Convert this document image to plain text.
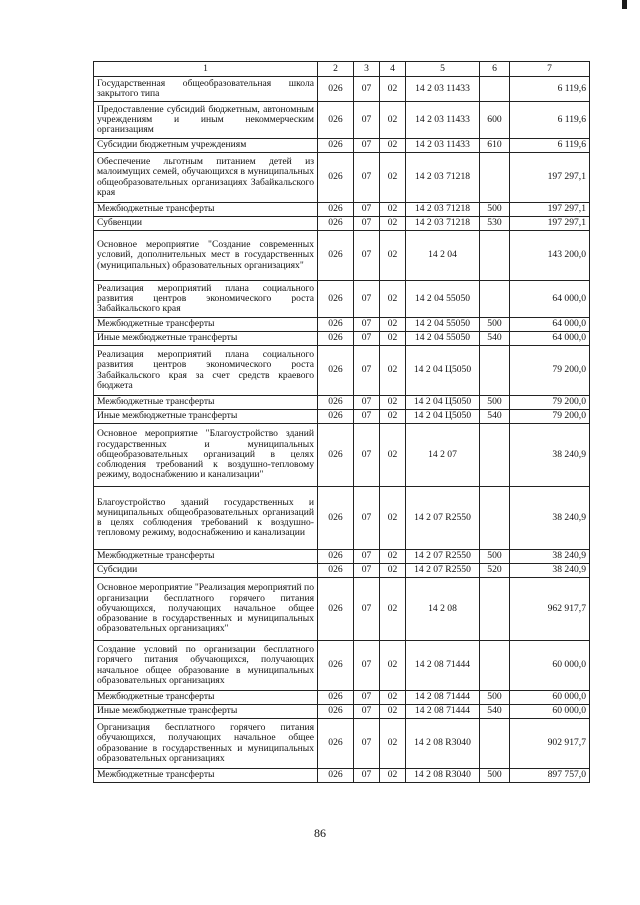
1	2	3	4	5	6	7
Государственная общеобразовательная школа закрытого типа	026	07	02	14 2 03 11433		6 119,6
Предоставление субсидий бюджетным, автономным учреждениям и иным некоммерческим организациям	026	07	02	14 2 03 11433	600	6 119,6
Субсидии бюджетным учреждениям	026	07	02	14 2 03 11433	610	6 119,6
Обеспечение льготным питанием детей из малоимущих семей, обучающихся в муниципальных общеобразовательных организациях Забайкальского края	026	07	02	14 2 03 71218		197 297,1
Межбюджетные трансферты	026	07	02	14 2 03 71218	500	197 297,1
Субвенции	026	07	02	14 2 03 71218	530	197 297,1
Основное мероприятие "Создание современных условий, дополнительных мест в государственных (муниципальных) образовательных организациях"	026	07	02	14 2 04		143 200,0
Реализация мероприятий плана социального развития центров экономического роста Забайкальского края	026	07	02	14 2 04 55050		64 000,0
Межбюджетные трансферты	026	07	02	14 2 04 55050	500	64 000,0
Иные межбюджетные трансферты	026	07	02	14 2 04 55050	540	64 000,0
Реализация мероприятий плана социального развития центров экономического роста Забайкальского края за счет средств краевого бюджета	026	07	02	14 2 04 Ц5050		79 200,0
Межбюджетные трансферты	026	07	02	14 2 04 Ц5050	500	79 200,0
Иные межбюджетные трансферты	026	07	02	14 2 04 Ц5050	540	79 200,0
Основное мероприятие "Благоустройство зданий государственных и муниципальных общеобразовательных организаций в целях соблюдения требований к воздушно-тепловому режиму, водоснабжению и канализации"	026	07	02	14 2 07		38 240,9
Благоустройство зданий государственных и муниципальных общеобразовательных организаций в целях соблюдения требований к воздушно-тепловому режиму, водоснабжению и канализации	026	07	02	14 2 07 R2550		38 240,9
Межбюджетные трансферты	026	07	02	14 2 07 R2550	500	38 240,9
Субсидии	026	07	02	14 2 07 R2550	520	38 240,9
Основное мероприятие "Реализация мероприятий по организации бесплатного горячего питания обучающихся, получающих начальное общее образование в государственных и муниципальных образовательных организациях"	026	07	02	14 2 08		962 917,7
Создание условий по организации бесплатного горячего питания обучающихся, получающих начальное общее образование в муниципальных образовательных организациях	026	07	02	14 2 08 71444		60 000,0
Межбюджетные трансферты	026	07	02	14 2 08 71444	500	60 000,0
Иные межбюджетные трансферты	026	07	02	14 2 08 71444	540	60 000,0
Организация бесплатного горячего питания обучающихся, получающих начальное общее образование в государственных и муниципальных образовательных организациях	026	07	02	14 2 08 R3040		902 917,7
Межбюджетные трансферты	026	07	02	14 2 08 R3040	500	897 757,0
86
